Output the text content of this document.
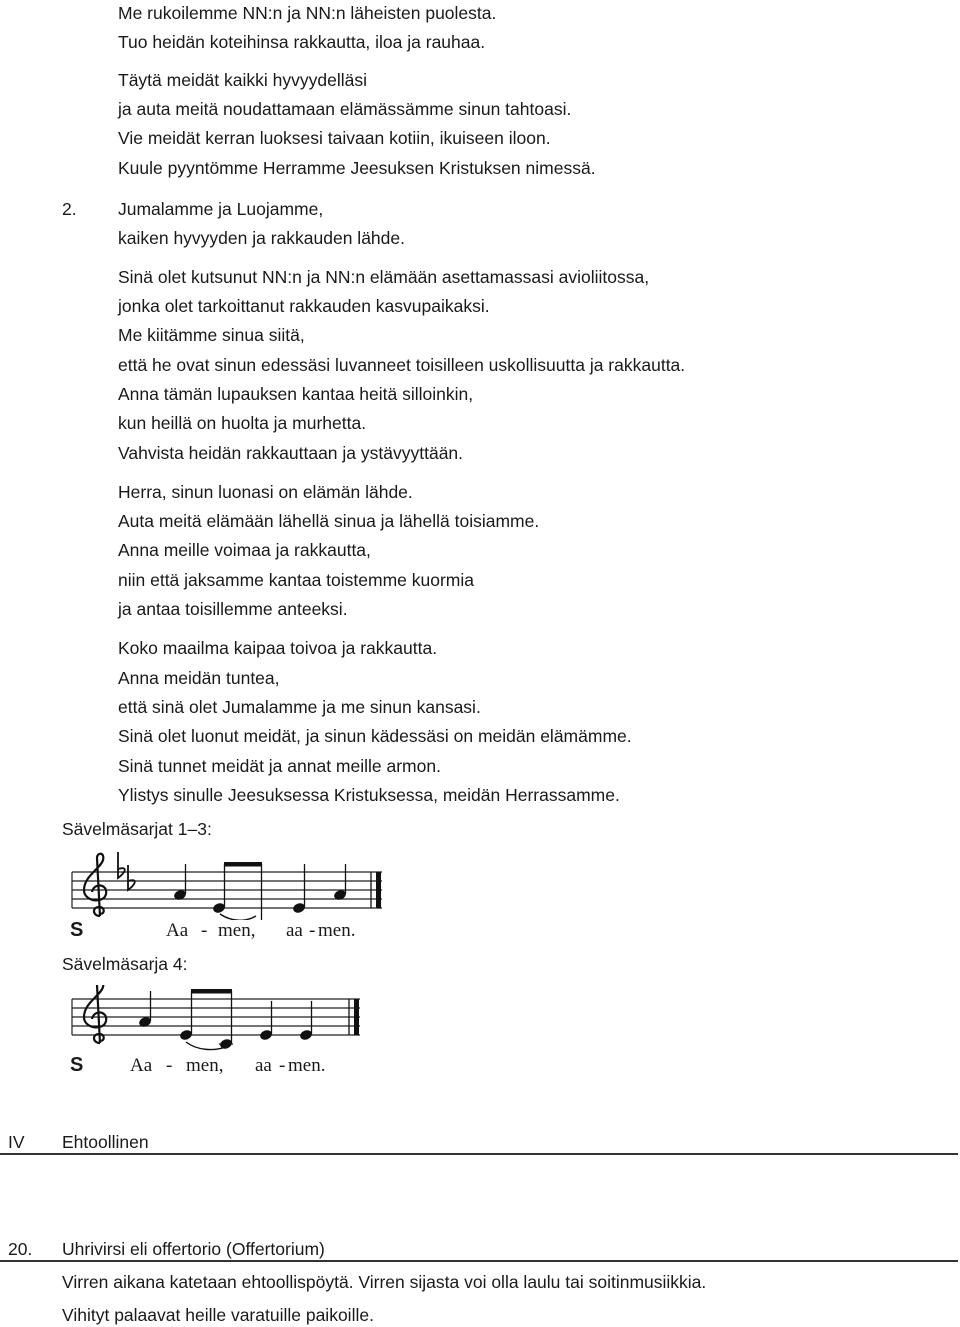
Me rukoilemme NN:n ja NN:n läheisten puolesta.

Tuo heidän koteihinsa rakkautta, iloa ja rauhaa.

Täytä meidät kaikki hyvyydelläsi

ja auta meitä noudattamaan elämässämme sinun tahtoasi.

Vie meidät kerran luoksesi taivaan kotiin, ikuiseen iloon.

Kuule pyyntömme Herramme Jeesuksen Kristuksen nimessä.

2. Jumalamme ja Luojamme,

kaiken hyvyyden ja rakkauden lähde.

Sinä olet kutsunut NN:n ja NN:n elämään asettamassasi avioliitossa,

jonka olet tarkoittanut rakkauden kasvupaikaksi.

Me kiitämme sinua siitä,

että he ovat sinun edessäsi luvanneet toisilleen uskollisuutta ja rakkautta.

Anna tämän lupauksen kantaa heitä silloinkin,

kun heillä on huolta ja murhetta.

Vahvista heidän rakkauttaan ja ystävyyttään.

Herra, sinun luonasi on elämän lähde.

Auta meitä elämään lähellä sinua ja lähellä toisiamme.

Anna meille voimaa ja rakkautta,

niin että jaksamme kantaa toistemme kuormia

ja antaa toisillemme anteeksi.

Koko maailma kaipaa toivoa ja rakkautta.

Anna meidän tuntea,

että sinä olet Jumalamme ja me sinun kansasi.

Sinä olet luonut meidät, ja sinun kädessäsi on meidän elämämme.

Sinä tunnet meidät ja annat meille armon.

Ylistys sinulle Jeesuksessa Kristuksessa, meidän Herrassamme.

Sävelmäsarjat 1–3:

S	Aa - men, aa - men.

Sävelmäsarja 4:

S Aa - men, aa - men.

IV Ehtoollinen

20. Uhrivirsi eli offertorio (Offertorium)

Virren aikana katetaan ehtoollispöytä. Virren sijasta voi olla laulu tai soitinmusiikkia.

Vihityt palaavat heille varatuille paikoille.
